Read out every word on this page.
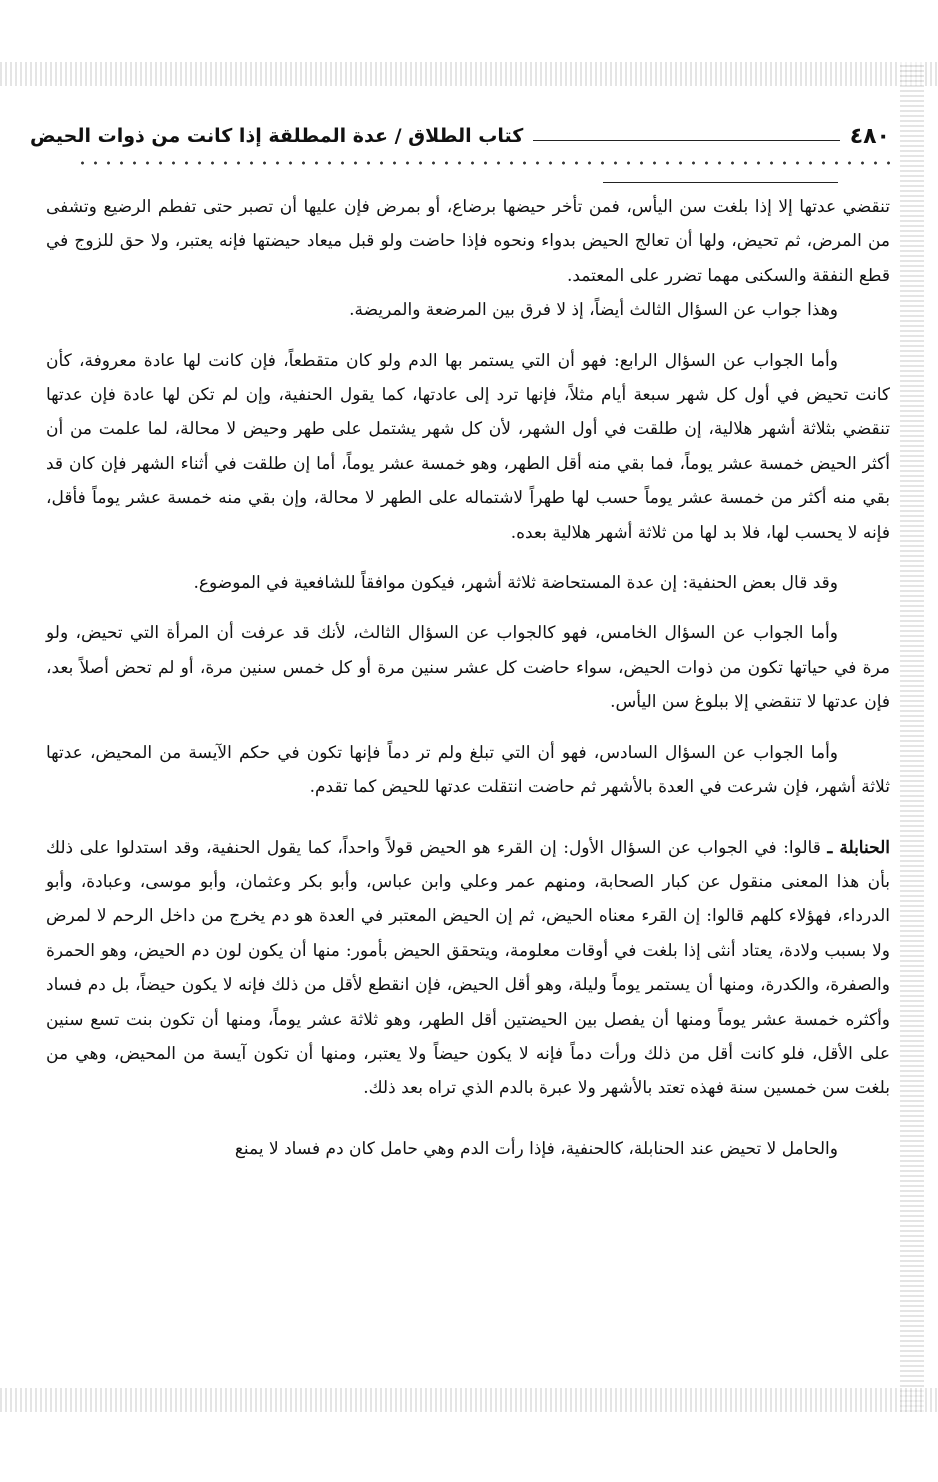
٤٨٠
كتاب الطلاق / عدة المطلقة إذا كانت من ذوات الحيض

تنقضي عدتها إلا إذا بلغت سن اليأس، فمن تأخر حيضها برضاع، أو بمرض فإن عليها أن تصبر حتى تفطم الرضيع وتشفى من المرض، ثم تحيض، ولها أن تعالج الحيض بدواء ونحوه فإذا حاضت ولو قبل ميعاد حيضتها فإنه يعتبر، ولا حق للزوج في قطع النفقة والسكنى مهما تضرر على المعتمد.

وهذا جواب عن السؤال الثالث أيضاً، إذ لا فرق بين المرضعة والمريضة.

وأما الجواب عن السؤال الرابع: فهو أن التي يستمر بها الدم ولو كان متقطعاً، فإن كانت لها عادة معروفة، كأن كانت تحيض في أول كل شهر سبعة أيام مثلاً، فإنها ترد إلى عادتها، كما يقول الحنفية، وإن لم تكن لها عادة فإن عدتها تنقضي بثلاثة أشهر هلالية، إن طلقت في أول الشهر، لأن كل شهر يشتمل على طهر وحيض لا محالة، لما علمت من أن أكثر الحيض خمسة عشر يوماً، فما بقي منه أقل الطهر، وهو خمسة عشر يوماً، أما إن طلقت في أثناء الشهر فإن كان قد بقي منه أكثر من خمسة عشر يوماً حسب لها طهراً لاشتماله على الطهر لا محالة، وإن بقي منه خمسة عشر يوماً فأقل، فإنه لا يحسب لها، فلا بد لها من ثلاثة أشهر هلالية بعده.

وقد قال بعض الحنفية: إن عدة المستحاضة ثلاثة أشهر، فيكون موافقاً للشافعية في الموضوع.

وأما الجواب عن السؤال الخامس، فهو كالجواب عن السؤال الثالث، لأنك قد عرفت أن المرأة التي تحيض، ولو مرة في حياتها تكون من ذوات الحيض، سواء حاضت كل عشر سنين مرة أو كل خمس سنين مرة، أو لم تحض أصلاً بعد، فإن عدتها لا تنقضي إلا ببلوغ سن اليأس.

وأما الجواب عن السؤال السادس، فهو أن التي تبلغ ولم تر دماً فإنها تكون في حكم الآيسة من المحيض، عدتها ثلاثة أشهر، فإن شرعت في العدة بالأشهر ثم حاضت انتقلت عدتها للحيض كما تقدم.

الحنابلة ـ قالوا: في الجواب عن السؤال الأول: إن القرء هو الحيض قولاً واحداً، كما يقول الحنفية، وقد استدلوا على ذلك بأن هذا المعنى منقول عن كبار الصحابة، ومنهم عمر وعلي وابن عباس، وأبو بكر وعثمان، وأبو موسى، وعبادة، وأبو الدرداء، فهؤلاء كلهم قالوا: إن القرء معناه الحيض، ثم إن الحيض المعتبر في العدة هو دم يخرج من داخل الرحم لا لمرض ولا بسبب ولادة، يعتاد أنثى إذا بلغت في أوقات معلومة، ويتحقق الحيض بأمور: منها أن يكون لون دم الحيض، وهو الحمرة والصفرة، والكدرة، ومنها أن يستمر يوماً وليلة، وهو أقل الحيض، فإن انقطع لأقل من ذلك فإنه لا يكون حيضاً، بل دم فساد وأكثره خمسة عشر يوماً ومنها أن يفصل بين الحيضتين أقل الطهر، وهو ثلاثة عشر يوماً، ومنها أن تكون بنت تسع سنين على الأقل، فلو كانت أقل من ذلك ورأت دماً فإنه لا يكون حيضاً ولا يعتبر، ومنها أن تكون آيسة من المحيض، وهي من بلغت سن خمسين سنة فهذه تعتد بالأشهر ولا عبرة بالدم الذي تراه بعد ذلك.

والحامل لا تحيض عند الحنابلة، كالحنفية، فإذا رأت الدم وهي حامل كان دم فساد لا يمنع
